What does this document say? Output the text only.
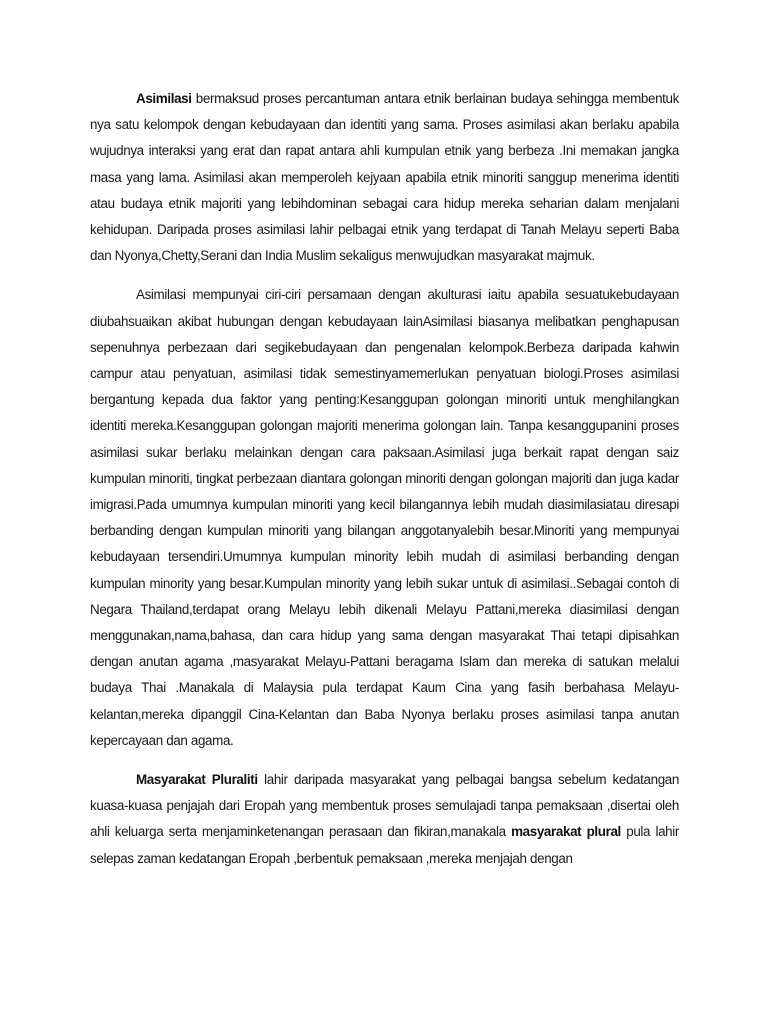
Asimilasi bermaksud proses percantuman antara etnik berlainan budaya sehingga membentuk nya satu kelompok dengan kebudayaan dan identiti yang sama. Proses asimilasi akan berlaku apabila wujudnya interaksi yang erat dan rapat antara ahli kumpulan etnik yang berbeza .Ini memakan jangka masa yang lama. Asimilasi akan memperoleh kejyaan apabila etnik minoriti sanggup menerima identiti atau budaya etnik majoriti yang lebihdominan sebagai cara hidup mereka seharian dalam menjalani kehidupan. Daripada proses asimilasi lahir pelbagai etnik yang terdapat di Tanah Melayu seperti Baba dan Nyonya,Chetty,Serani dan India Muslim sekaligus menwujudkan masyarakat majmuk.

Asimilasi mempunyai ciri-ciri persamaan dengan akulturasi iaitu apabila sesuatukebudayaan diubahsuaikan akibat hubungan dengan kebudayaan lainAsimilasi biasanya melibatkan penghapusan sepenuhnya perbezaan dari segikebudayaan dan pengenalan kelompok.Berbeza daripada kahwin campur atau penyatuan, asimilasi tidak semestinyamemerlukan penyatuan biologi.Proses asimilasi bergantung kepada dua faktor yang penting:Kesanggupan golongan minoriti untuk menghilangkan identiti mereka.Kesanggupan golongan majoriti menerima golongan lain. Tanpa kesanggupanini proses asimilasi sukar berlaku melainkan dengan cara paksaan.Asimilasi juga berkait rapat dengan saiz kumpulan minoriti, tingkat perbezaan diantara golongan minoriti dengan golongan majoriti dan juga kadar imigrasi.Pada umumnya kumpulan minoriti yang kecil bilangannya lebih mudah diasimilasiatau diresapi berbanding dengan kumpulan minoriti yang bilangan anggotanyalebih besar.Minoriti yang mempunyai kebudayaan tersendiri.Umumnya kumpulan minority lebih mudah di asimilasi berbanding dengan kumpulan minority yang besar.Kumpulan minority yang lebih sukar untuk di asimilasi..Sebagai contoh di Negara Thailand,terdapat orang Melayu lebih dikenali Melayu Pattani,mereka diasimilasi dengan menggunakan,nama,bahasa, dan cara hidup yang sama dengan masyarakat Thai tetapi dipisahkan dengan anutan agama ,masyarakat Melayu-Pattani beragama Islam dan mereka di satukan melalui budaya Thai .Manakala di Malaysia pula terdapat Kaum Cina yang fasih berbahasa Melayu-kelantan,mereka dipanggil Cina-Kelantan dan Baba Nyonya berlaku proses asimilasi tanpa anutan kepercayaan dan agama.

Masyarakat Pluraliti lahir daripada masyarakat yang pelbagai bangsa sebelum kedatangan kuasa-kuasa penjajah dari Eropah yang membentuk proses semulajadi tanpa pemaksaan ,disertai oleh ahli keluarga serta menjaminketenangan perasaan dan fikiran,manakala masyarakat plural pula lahir selepas zaman kedatangan Eropah ,berbentuk pemaksaan ,mereka menjajah dengan
